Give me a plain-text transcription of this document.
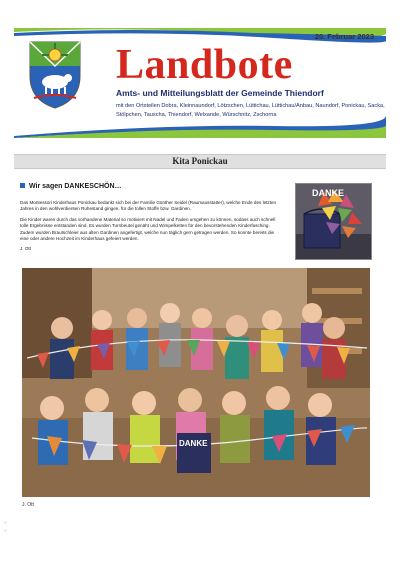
20. Februar 2023
Landbote
Amts- und Mitteilungsblatt der Gemeinde Thiendorf
mit den Ortsteilen Dobra, Kleinnaundorf, Lötzschen, Lüttichau, Lüttichau/Anbau, Naundorf, Ponickau, Sacka, Stölpchen, Tauscha, Thiendorf, Welxande, Würschnitz, Zschorna
Kita Ponickau
Wir sagen DANKESCHÖN…

Das Montessori Kinderhaus Ponickau bedankt sich bei der Familie Günther Seidel (Raumausstatter), welche Ende des letzten Jahres in den wohlverdienten Ruhestand gingen, für die tollen Stoffe bzw. Gardinen.

Die Kinder waren durch das vorhandene Material so motiviert mit Nadel und Faden umgehen zu können, sodass auch schnell tolle Ergebnisse entstanden sind. Es wurden Turnbeutel genäht und Wimpelketten für den bevorstehenden Kinderfasching. Zudem wurden Brautschleier aus alten Gardinen angefertigt, welche nun täglich gern getragen werden. So konnte bereits die eine oder andere Hochzeit im Kinderhaus gefeiert werden.

J. Ott

DANKE
DANKE
J. Ott
+
+
